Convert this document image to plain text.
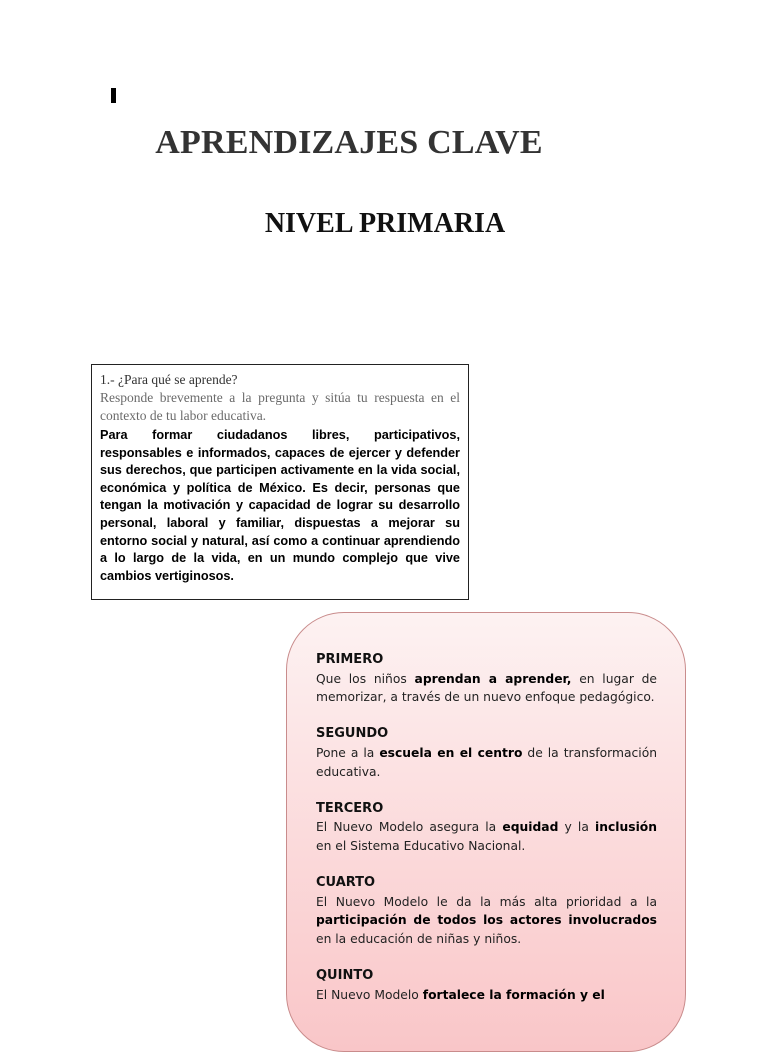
APRENDIZAJES CLAVE
NIVEL PRIMARIA

1.- ¿Para qué se aprende?

Responde brevemente a la pregunta y sitúa tu respuesta en el contexto de tu labor educativa.

Para formar ciudadanos libres, participativos, responsables e informados, capaces de ejercer y defender sus derechos, que participen activamente en la vida social, económica y política de México. Es decir, personas que tengan la motivación y capacidad de lograr su desarrollo personal, laboral y familiar, dispuestas a mejorar su entorno social y natural, así como a continuar aprendiendo a lo largo de la vida, en un mundo complejo que vive cambios vertiginosos.

PRIMERO

Que los niños aprendan a aprender, en lugar de memorizar, a través de un nuevo enfoque pedagógico.

SEGUNDO

Pone a la escuela en el centro de la transformación educativa.

TERCERO

El Nuevo Modelo asegura la equidad y la inclusión en el Sistema Educativo Nacional.

CUARTO

El Nuevo Modelo le da la más alta prioridad a la participación de todos los actores involucrados en la educación de niñas y niños.

QUINTO

El Nuevo Modelo fortalece la formación y el
